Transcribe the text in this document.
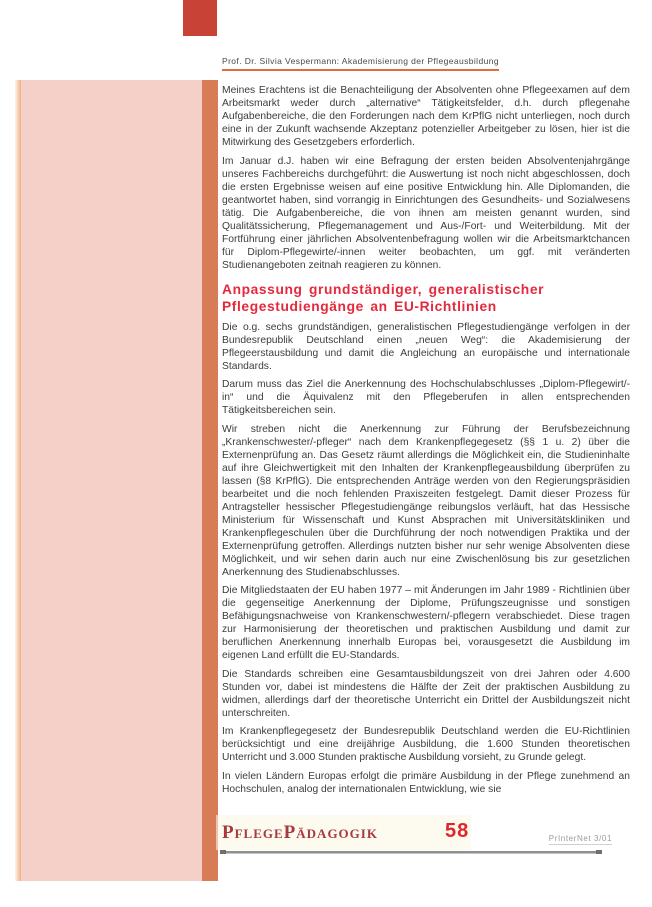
Prof. Dr. Silvia Vespermann: Akademisierung der Pflegeausbildung

Meines Erachtens ist die Benachteiligung der Absolventen ohne Pflegeexamen auf dem Arbeitsmarkt weder durch „alternative“ Tätigkeitsfelder, d.h. durch pflegenahe Aufgabenbereiche, die den Forderungen nach dem KrPflG nicht unterliegen, noch durch eine in der Zukunft wachsende Akzeptanz potenzieller Arbeitgeber zu lösen, hier ist die Mitwirkung des Gesetzgebers erforderlich.

Im Januar d.J. haben wir eine Befragung der ersten beiden Absolventenjahrgänge unseres Fachbereichs durchgeführt: die Auswertung ist noch nicht abgeschlossen, doch die ersten Ergebnisse weisen auf eine positive Entwicklung hin. Alle Diplomanden, die geantwortet haben, sind vorrangig in Einrichtungen des Gesundheits- und Sozialwesens tätig. Die Aufgabenbereiche, die von ihnen am meisten genannt wurden, sind Qualitätssicherung, Pflegemanagement und Aus-/Fort- und Weiterbildung. Mit der Fortführung einer jährlichen Absolventenbefragung wollen wir die Arbeitsmarktchancen für Diplom-Pflegewirte/-innen weiter beobachten, um ggf. mit veränderten Studienangeboten zeitnah reagieren zu können.

Anpassung grundständiger, generalistischer Pflegestudiengänge an EU-Richtlinien

Die o.g. sechs grundständigen, generalistischen Pflegestudiengänge verfolgen in der Bundesrepublik Deutschland einen „neuen Weg“: die Akademisierung der Pflegeerstausbildung und damit die Angleichung an europäische und internationale Standards.

Darum muss das Ziel die Anerkennung des Hochschulabschlusses „Diplom-Pflegewirt/-in“ und die Äquivalenz mit den Pflegeberufen in allen entsprechenden Tätigkeitsbereichen sein.

Wir streben nicht die Anerkennung zur Führung der Berufsbezeichnung „Krankenschwester/-pfleger“ nach dem Krankenpflegegesetz (§§ 1 u. 2) über die Externenprüfung an. Das Gesetz räumt allerdings die Möglichkeit ein, die Studieninhalte auf ihre Gleichwertigkeit mit den Inhalten der Krankenpflegeausbildung überprüfen zu lassen (§8 KrPflG). Die entsprechenden Anträge werden von den Regierungspräsidien bearbeitet und die noch fehlenden Praxiszeiten festgelegt. Damit dieser Prozess für Antragsteller hessischer Pflegestudiengänge reibungslos verläuft, hat das Hessische Ministerium für Wissenschaft und Kunst Absprachen mit Universitätskliniken und Krankenpflegeschulen über die Durchführung der noch notwendigen Praktika und der Externenprüfung getroffen. Allerdings nutzten bisher nur sehr wenige Absolventen diese Möglichkeit, und wir sehen darin auch nur eine Zwischenlösung bis zur gesetzlichen Anerkennung des Studienabschlusses.

Die Mitgliedstaaten der EU haben 1977 – mit Änderungen im Jahr 1989 - Richtlinien über die gegenseitige Anerkennung der Diplome, Prüfungszeugnisse und sonstigen Befähigungsnachweise von Krankenschwestern/-pflegern verabschiedet. Diese tragen zur Harmonisierung der theoretischen und praktischen Ausbildung und damit zur beruflichen Anerkennung innerhalb Europas bei, vorausgesetzt die Ausbildung im eigenen Land erfüllt die EU-Standards.

Die Standards schreiben eine Gesamtausbildungszeit von drei Jahren oder 4.600 Stunden vor, dabei ist mindestens die Hälfte der Zeit der praktischen Ausbildung zu widmen, allerdings darf der theoretische Unterricht ein Drittel der Ausbildungszeit nicht unterschreiten.

Im Krankenpflegegesetz der Bundesrepublik Deutschland werden die EU-Richtlinien berücksichtigt und eine dreijährige Ausbildung, die 1.600 Stunden theoretischen Unterricht und 3.000 Stunden praktische Ausbildung vorsieht, zu Grunde gelegt.

In vielen Ländern Europas erfolgt die primäre Ausbildung in der Pflege zunehmend an Hochschulen, analog der internationalen Entwicklung, wie sie

PflegePädagogik	58	PrInterNet 3/01
